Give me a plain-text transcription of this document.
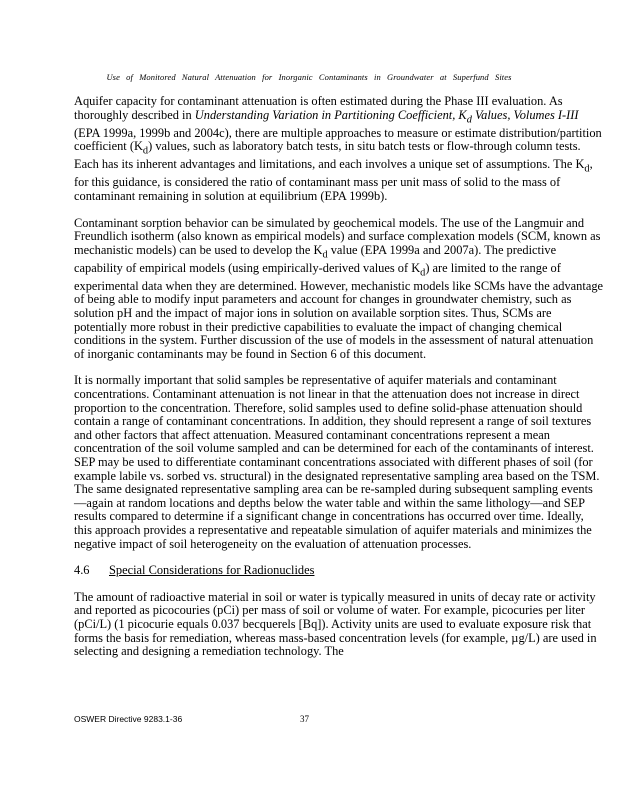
Use of Monitored Natural Attenuation for Inorganic Contaminants in Groundwater at Superfund Sites

Aquifer capacity for contaminant attenuation is often estimated during the Phase III evaluation. As thoroughly described in Understanding Variation in Partitioning Coefficient, $K_d$ Values, Volumes I-III (EPA 1999a, 1999b and 2004c), there are multiple approaches to measure or estimate distribution/partition coefficient $(K_d)$ values, such as laboratory batch tests, in situ batch tests or flow-through column tests. Each has its inherent advantages and limitations, and each involves a unique set of assumptions. The $K_d$, for this guidance, is considered the ratio of contaminant mass per unit mass of solid to the mass of contaminant remaining in solution at equilibrium (EPA 1999b).

Contaminant sorption behavior can be simulated by geochemical models. The use of the Langmuir and Freundlich isotherm (also known as empirical models) and surface complexation models (SCM, known as mechanistic models) can be used to develop the $K_d$ value (EPA 1999a and 2007a). The predictive capability of empirical models (using empirically-derived values of $K_d$) are limited to the range of experimental data when they are determined. However, mechanistic models like SCMs have the advantage of being able to modify input parameters and account for changes in groundwater chemistry, such as solution pH and the impact of major ions in solution on available sorption sites. Thus, SCMs are potentially more robust in their predictive capabilities to evaluate the impact of changing chemical conditions in the system. Further discussion of the use of models in the assessment of natural attenuation of inorganic contaminants may be found in Section 6 of this document.

It is normally important that solid samples be representative of aquifer materials and contaminant concentrations. Contaminant attenuation is not linear in that the attenuation does not increase in direct proportion to the concentration. Therefore, solid samples used to define solid-phase attenuation should contain a range of contaminant concentrations. In addition, they should represent a range of soil textures and other factors that affect attenuation. Measured contaminant concentrations represent a mean concentration of the soil volume sampled and can be determined for each of the contaminants of interest. SEP may be used to differentiate contaminant concentrations associated with different phases of soil (for example labile vs. sorbed vs. structural) in the designated representative sampling area based on the TSM. The same designated representative sampling area can be re-sampled during subsequent sampling events—again at random locations and depths below the water table and within the same lithology—and SEP results compared to determine if a significant change in concentrations has occurred over time. Ideally, this approach provides a representative and repeatable simulation of aquifer materials and minimizes the negative impact of soil heterogeneity on the evaluation of attenuation processes.

4.6	Special Considerations for Radionuclides

The amount of radioactive material in soil or water is typically measured in units of decay rate or activity and reported as picocouries (pCi) per mass of soil or volume of water. For example, picocuries per liter (pCi/L) (1 picocurie equals 0.037 becquerels [Bq]). Activity units are used to evaluate exposure risk that forms the basis for remediation, whereas mass-based concentration levels (for example, µg/L) are used in selecting and designing a remediation technology. The

OSWER Directive 9283.1-36	37
